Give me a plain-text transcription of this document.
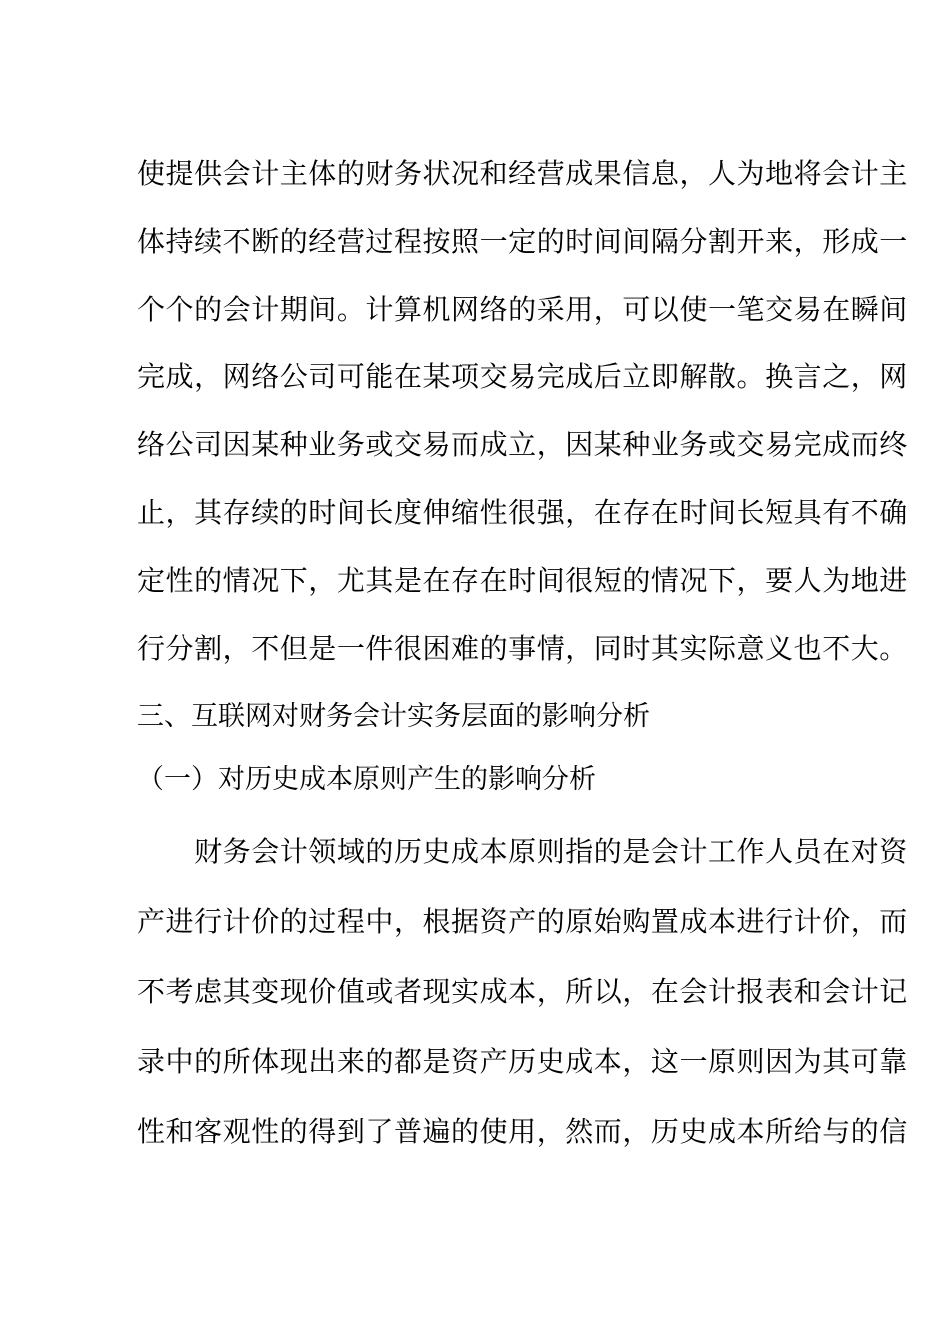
使提供会计主体的财务状况和经营成果信息，人为地将会计主
体持续不断的经营过程按照一定的时间间隔分割开来，形成一
个个的会计期间。计算机网络的采用，可以使一笔交易在瞬间
完成，网络公司可能在某项交易完成后立即解散。换言之，网
络公司因某种业务或交易而成立，因某种业务或交易完成而终
止，其存续的时间长度伸缩性很强，在存在时间长短具有不确
定性的情况下，尤其是在存在时间很短的情况下，要人为地进
行分割，不但是一件很困难的事情，同时其实际意义也不大。
三、互联网对财务会计实务层面的影响分析
（一）对历史成本原则产生的影响分析
　　财务会计领域的历史成本原则指的是会计工作人员在对资
产进行计价的过程中，根据资产的原始购置成本进行计价，而
不考虑其变现价值或者现实成本，所以，在会计报表和会计记
录中的所体现出来的都是资产历史成本，这一原则因为其可靠
性和客观性的得到了普遍的使用，然而，历史成本所给与的信
